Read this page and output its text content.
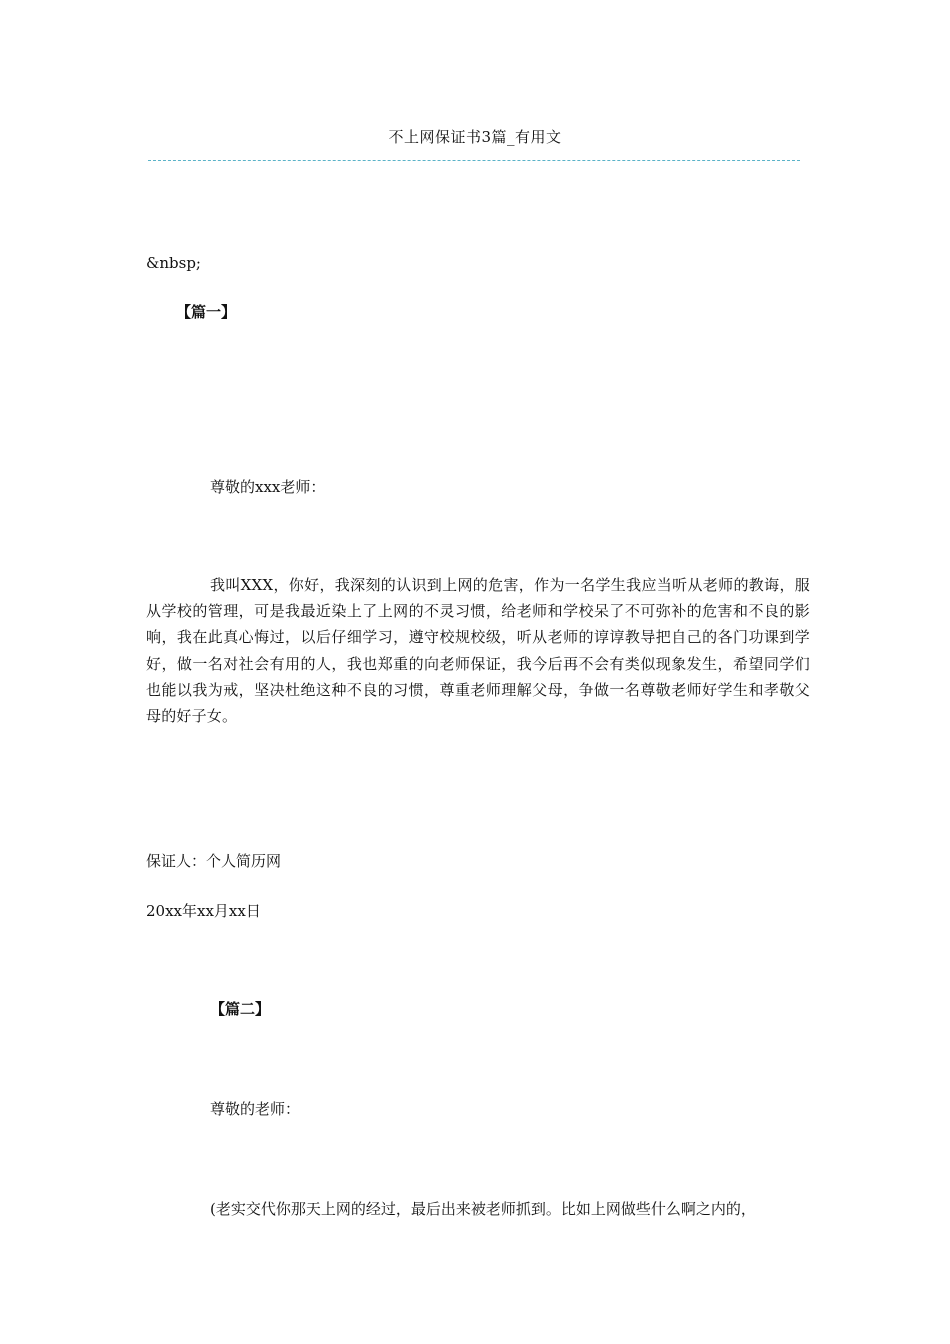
不上网保证书3篇_有用文
&nbsp;
【篇一】
尊敬的xxx老师：
我叫XXX，你好，我深刻的认识到上网的危害，作为一名学生我应当听从老师的教诲，服从学校的管理，可是我最近染上了上网的不灵习惯，给老师和学校呆了不可弥补的危害和不良的影响，我在此真心悔过，以后仔细学习，遵守校规校级，听从老师的谆谆教导把自己的各门功课到学好，做一名对社会有用的人，我也郑重的向老师保证，我今后再不会有类似现象发生，希望同学们也能以我为戒，坚决杜绝这种不良的习惯，尊重老师理解父母，争做一名尊敬老师好学生和孝敬父母的好子女。
保证人：个人简历网
20xx年xx月xx日
【篇二】
尊敬的老师：
(老实交代你那天上网的经过，最后出来被老师抓到。比如上网做些什么啊之内的，
